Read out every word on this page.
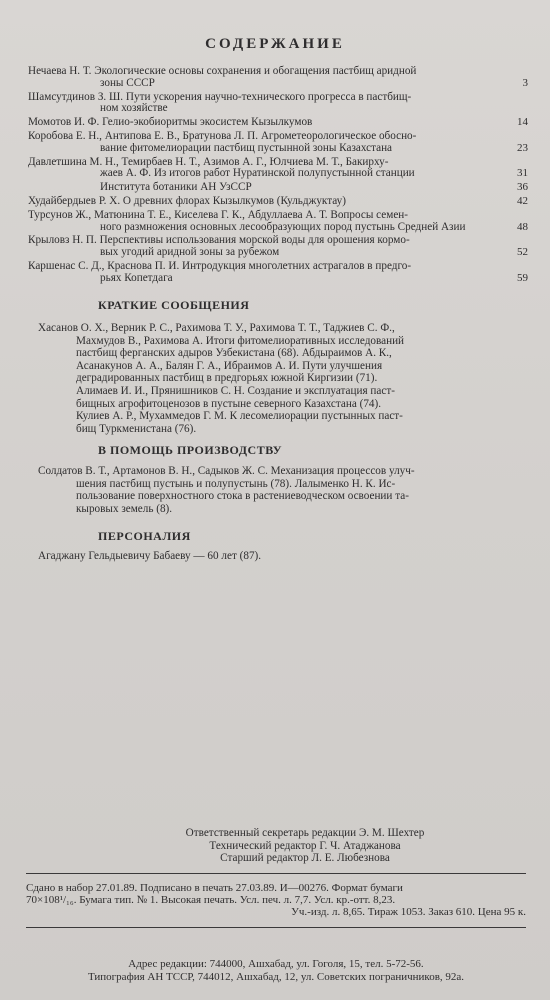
СОДЕРЖАНИЕ
Нечаева Н. Т. Экологические основы сохранения и обогащения пастбищ аридной
зоны СССР	3
Шамсутдинов З. Ш. Пути ускорения научно-технического прогресса в пастбищ-
ном хозяйстве
Момотов И. Ф. Гелио-экобиоритмы экосистем Кызылкумов	14
Коробова Е. Н., Антипова Е. В., Братунова Л. П. Агрометеорологическое обосно-
вание фитомелиорации пастбищ пустынной зоны Казахстана	23
Давлетшина М. Н., Темирбаев Н. Т., Азимов А. Г., Юлчиева М. Т., Бакирху-
жаев А. Ф. Из итогов работ Нуратинской полупустынной станции	31
Институтa ботаники АН УзССР	36
Худайбердыев Р. Х. О древних флорах Кызылкумов (Кульджуктау)	42
Турсунов Ж., Матюнина Т. Е., Киселева Г. К., Абдуллаева А. Т. Вопросы семен-
ного размножения основных лесообразующих пород пустынь Средней Азии	48
Крыловз Н. П. Перспективы использования морской воды для орошения кормо-
вых угодий аридной зоны за рубежом	52
Каршенас С. Д., Краснова П. И. Интродукция многолетних астрагалов в предго-
рьях Копетдага	59
КРАТКИЕ СООБЩЕНИЯ

Хасанов О. Х., Верник Р. С., Рахимова Т. У., Рахимова Т. Т., Таджиев С. Ф.,

Махмудов В., Рахимова А. Итоги фитомелиоративных исследований

пастбищ ферганских адыров Узбекистана (68). Абдыраимов А. К.,

Асанакунов А. А., Балян Г. А., Ибраимов А. И. Пути улучшения

деградированных пастбищ в предгорьях южной Киргизии (71).

Алимаев И. И., Прянишников С. Н. Создание и эксплуатация паст-

бищных агрофитоценозов в пустыне северного Казахстана (74).

Кулиев А. Р., Мухаммедов Г. М. К лесомелиорации пустынных паст-

бищ Туркменистана (76).

В ПОМОЩЬ ПРОИЗВОДСТВУ

Солдатов В. Т., Артамонов В. Н., Садыков Ж. С. Механизация процессов улуч-

шения пастбищ пустынь и полупустынь (78). Лалыменко Н. К. Ис-

пользование поверхностного стока в растениеводческом освоении та-

кыровых земель (8).

ПЕРСОНАЛИЯ

Агаджану Гельдыевичу Бабаеву — 60 лет (87).

Ответственный секретарь редакции Э. М. Шехтер
Технический редактор Г. Ч. Атаджанова
Старший редактор Л. Е. Любезнова

Сдано в набор 27.01.89. Подписано в печать 27.03.89. И—00276. Формат бумаги

70×108¹/₁₆. Бумага тип. № 1. Высокая печать. Усл. печ. л. 7,7. Усл. кр.-отт. 8,23.

Уч.-изд. л. 8,65. Тираж 1053. Заказ 610. Цена 95 к.

Адрес редакции: 744000, Ашхабад, ул. Гоголя, 15, тел. 5-72-56.

Типография АН ТССР, 744012, Ашхабад, 12, ул. Советских пограничников, 92а.
